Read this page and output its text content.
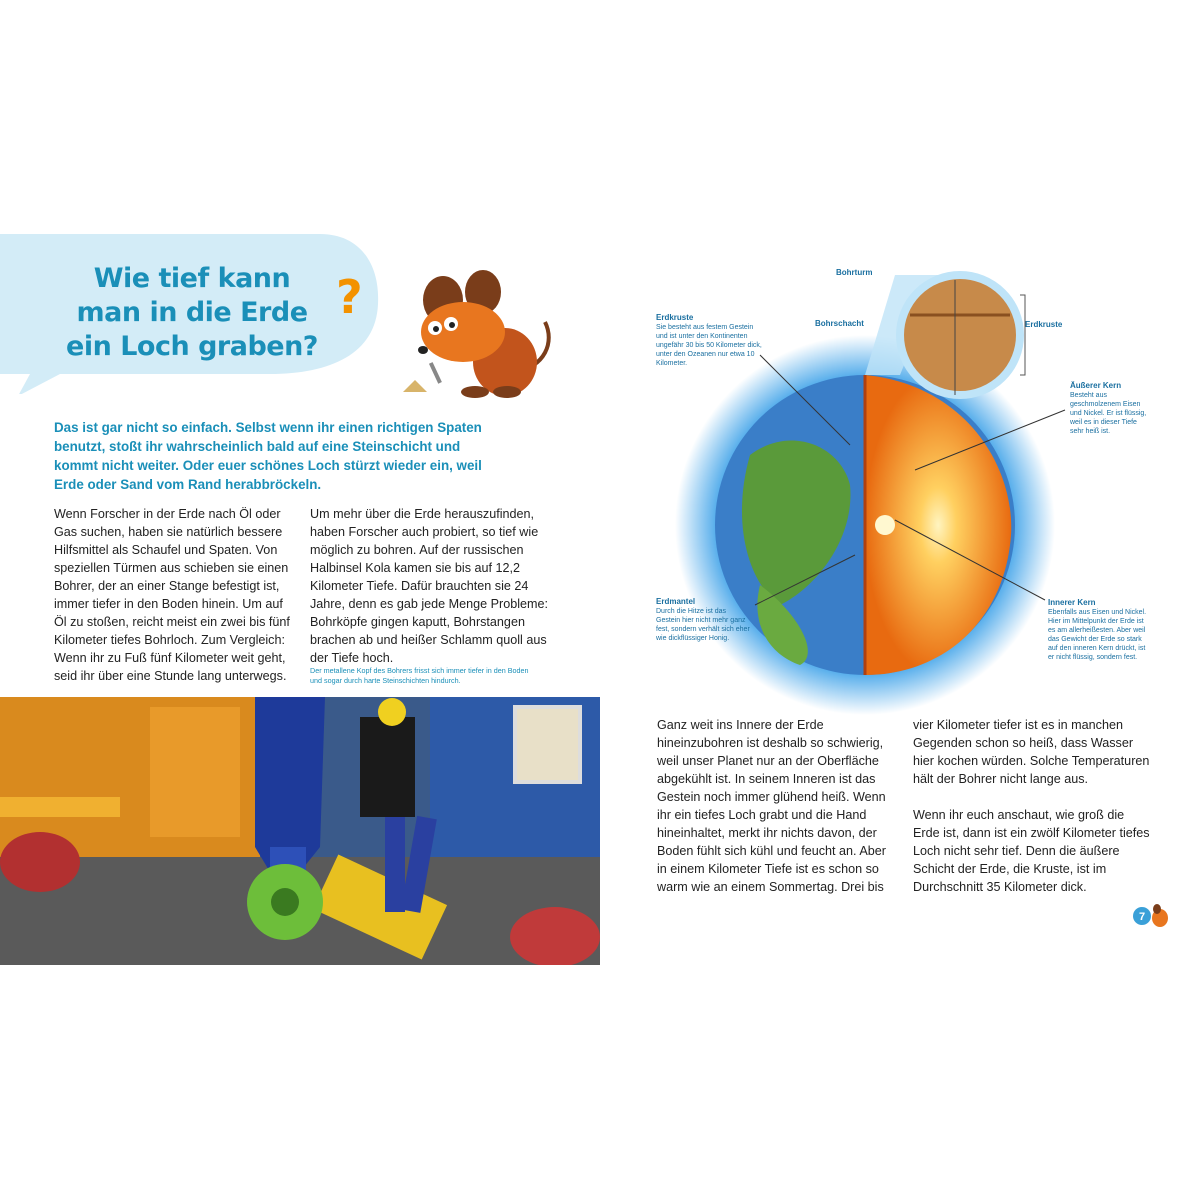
Wie tief kann
man in die Erde
ein Loch graben?
?
Das ist gar nicht so einfach. Selbst wenn ihr einen richtigen Spaten benutzt, stoßt ihr wahrscheinlich bald auf eine Steinschicht und kommt nicht weiter. Oder euer schönes Loch stürzt wieder ein, weil Erde oder Sand vom Rand herabbröckeln.

Wenn Forscher in der Erde nach Öl oder Gas suchen, haben sie natürlich bessere Hilfsmittel als Schaufel und Spaten. Von speziellen Türmen aus schieben sie einen Bohrer, der an einer Stange befestigt ist, immer tiefer in den Boden hinein. Um auf Öl zu stoßen, reicht meist ein zwei bis fünf Kilometer tiefes Bohrloch. Zum Vergleich: Wenn ihr zu Fuß fünf Kilometer weit geht, seid ihr über eine Stunde lang unterwegs.

Um mehr über die Erde herauszufinden, haben Forscher auch probiert, so tief wie möglich zu bohren. Auf der russischen Halbinsel Kola kamen sie bis auf 12,2 Kilometer Tiefe. Dafür brauchten sie 24 Jahre, denn es gab jede Menge Probleme: Bohrköpfe gingen kaputt, Bohrstangen brachen ab und heißer Schlamm quoll aus der Tiefe hoch.

Der metallene Kopf des Bohrers frisst sich immer tiefer in den Boden und sogar durch harte Steinschichten hindurch.
Bohrturm
Bohrschacht	Erdkruste
Erdkruste
Sie besteht aus festem Gestein und ist unter den Kontinenten ungefähr 30 bis 50 Kilometer dick, unter den Ozeanen nur etwa 10 Kilometer.
Äußerer Kern
Besteht aus geschmolzenem Eisen und Nickel. Er ist flüssig, weil es in dieser Tiefe sehr heiß ist.
Erdmantel
Durch die Hitze ist das Gestein hier nicht mehr ganz fest, sondern verhält sich eher wie dickflüssiger Honig.
Innerer Kern
Ebenfalls aus Eisen und Nickel. Hier im Mittelpunkt der Erde ist es am allerheißesten. Aber weil das Gewicht der Erde so stark auf den inneren Kern drückt, ist er nicht flüssig, sondern fest.

Ganz weit ins Innere der Erde hineinzubohren ist deshalb so schwierig, weil unser Planet nur an der Oberfläche abgekühlt ist. In seinem Inneren ist das Gestein noch immer glühend heiß. Wenn ihr ein tiefes Loch grabt und die Hand hineinhaltet, merkt ihr nichts davon, der Boden fühlt sich kühl und feucht an. Aber in einem Kilometer Tiefe ist es schon so warm wie an einem Sommertag. Drei bis

vier Kilometer tiefer ist es in manchen Gegenden schon so heiß, dass Wasser hier kochen würden. Solche Temperaturen hält der Bohrer nicht lange aus.

Wenn ihr euch anschaut, wie groß die Erde ist, dann ist ein zwölf Kilometer tiefes Loch nicht sehr tief. Denn die äußere Schicht der Erde, die Kruste, ist im Durchschnitt 35 Kilometer dick.

7
